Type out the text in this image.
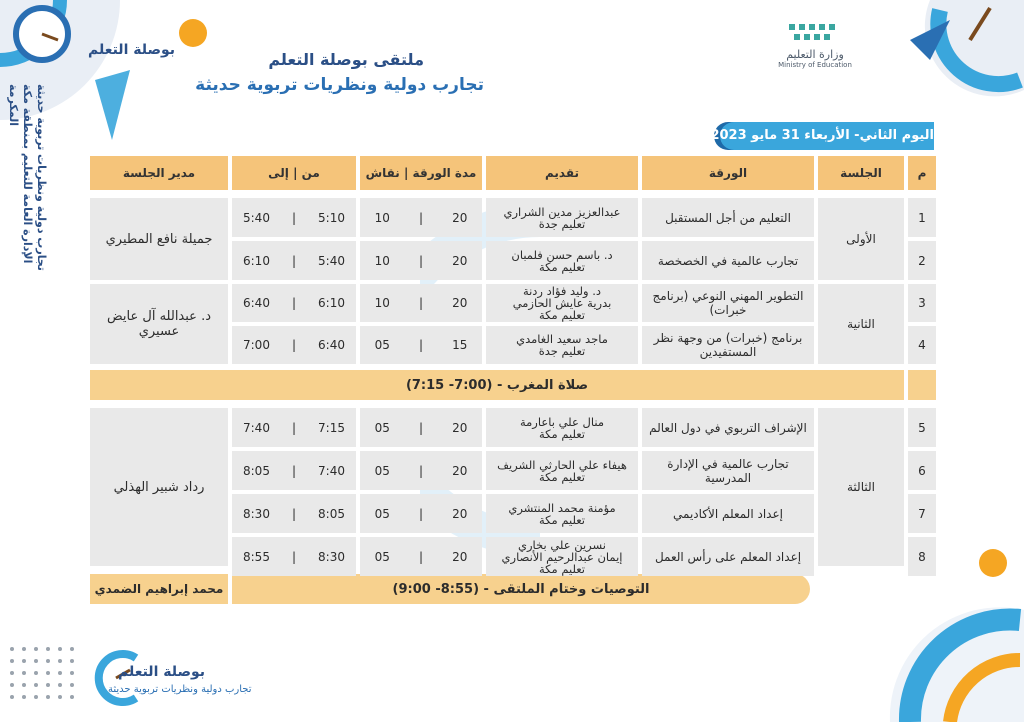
بوصلة التعلم
تجارب دولية ونظريات تربوية حديثة الإدارة العامة للتعليم بمنطقة مكة المكرمة
ملتقى بوصلة التعلم
تجارب دولية ونظريات تربوية حديثة
وزارة التعليم
Ministry of Education
اليوم الثاني- الأربعاء 31 مايو 2023
م
الجلسة
الورقة
تقديم
مدة الورقة | نقاش
من | إلى
مدير الجلسة
الأولى
الثانية
الثالثة
جميلة نافع المطيري
د. عبدالله آل عايض عسيري
رداد شبير الهذلي
محمد إبراهيم الضمدي
صلاة المغرب - (7:00- 7:15)
التوصيات وختام الملتقى - (8:55- 9:00)
1
التعليم من أجل المستقبل
عبدالعزيز مدين الشراري
تعليم جدة
20
|
10
5:10
|
5:40
2
تجارب عالمية في الخصخصة
د. باسم حسن فلمبان
تعليم مكة
20
|
10
5:40
|
6:10
3
التطوير المهني النوعي (برنامج خبرات)
د. وليد فؤاد ردنة
بدرية عايش الحازمي
تعليم مكة
20
|
10
6:10
|
6:40
4
برنامج (خبرات) من وجهة نظر المستفيدين
ماجد سعيد الغامدي
تعليم جدة
15
|
05
6:40
|
7:00
5
الإشراف التربوي في دول العالم
منال علي باعارمة
تعليم مكة
20
|
05
7:15
|
7:40
6
تجارب عالمية في الإدارة المدرسية
هيفاء علي الحارثي الشريف
تعليم مكة
20
|
05
7:40
|
8:05
7
إعداد المعلم الأكاديمي
مؤمنة محمد المنتشري
تعليم مكة
20
|
05
8:05
|
8:30
8
إعداد المعلم على رأس العمل
نسرين علي بخاري
إيمان عبدالرحيم الأنصاري
تعليم مكة
20
|
05
8:30
|
8:55
بوصلة التعلم
تجارب دولية ونظريات تربوية حديثة
